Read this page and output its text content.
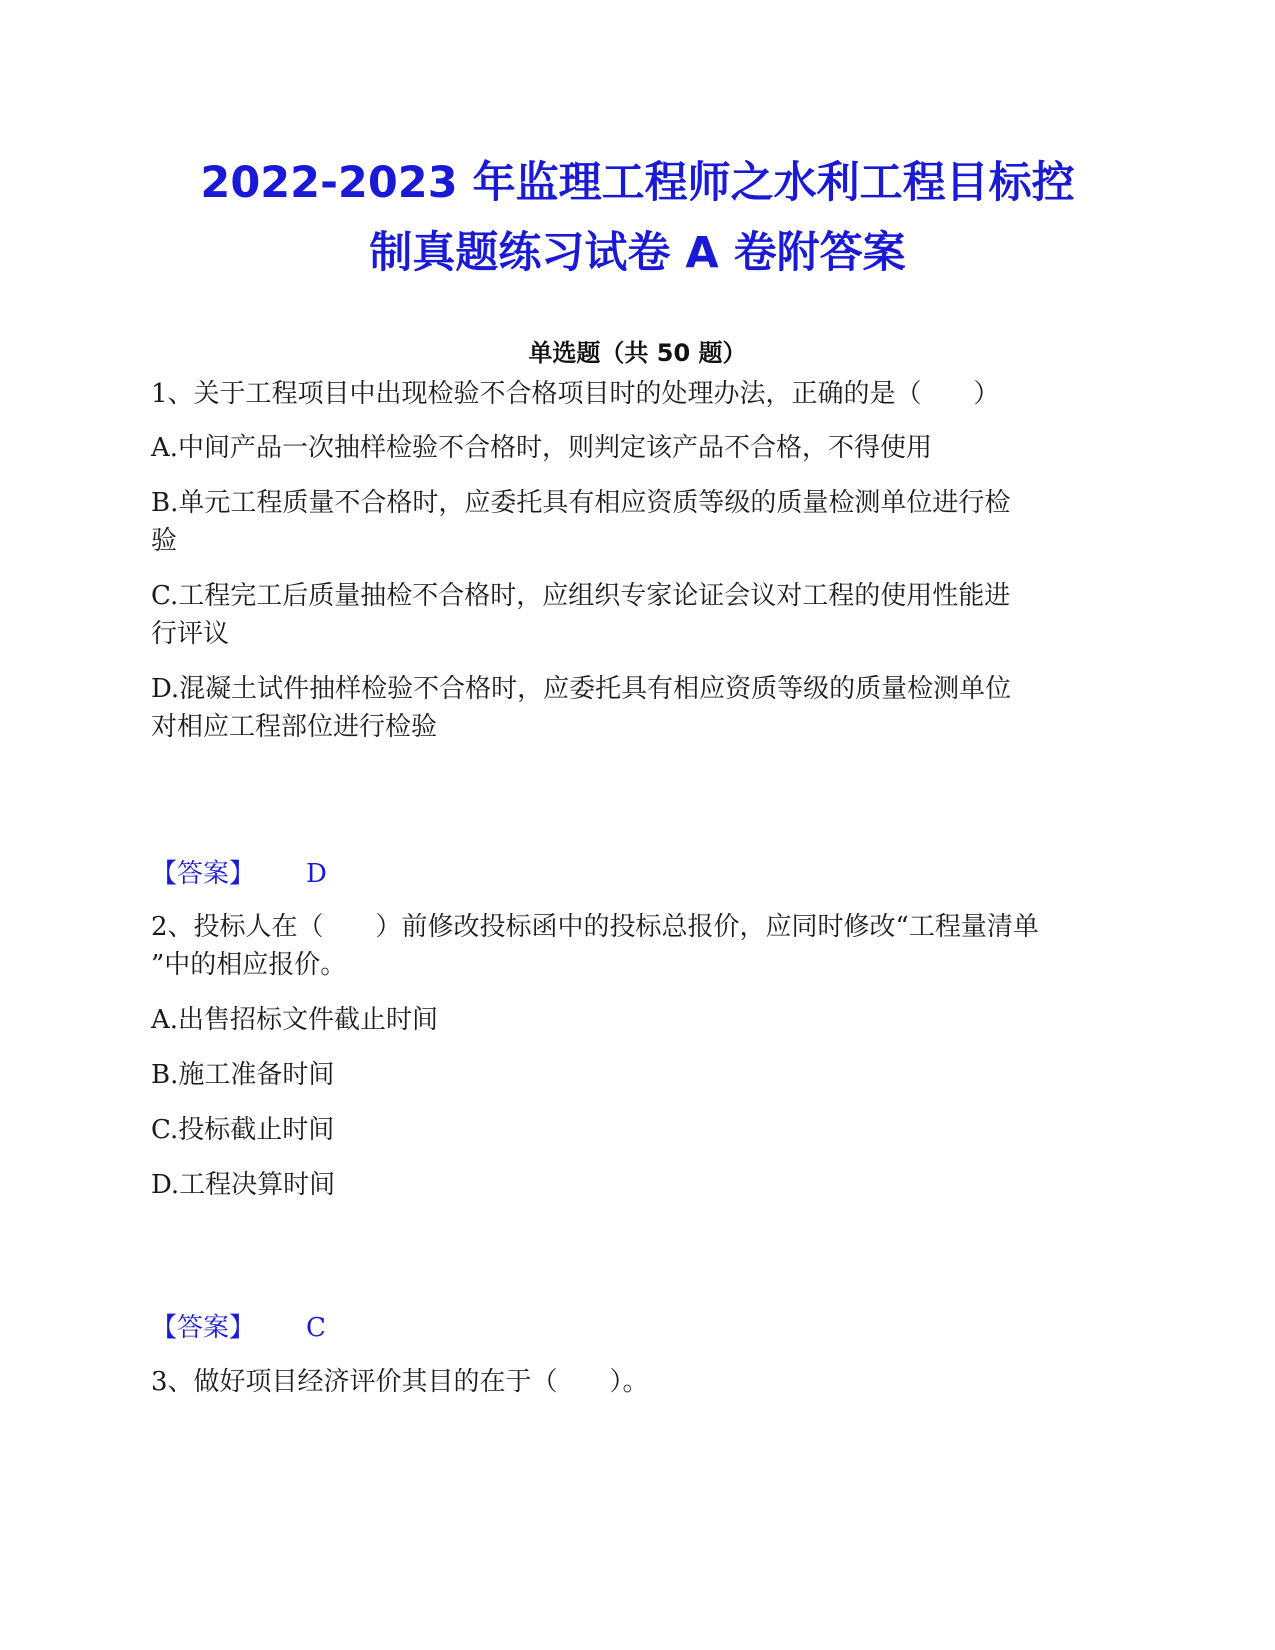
2022-2023 年监理工程师之水利工程目标控
制真题练习试卷 A 卷附答案
单选题（共 50 题）
1、关于工程项目中出现检验不合格项目时的处理办法，正确的是（　　）
A.中间产品一次抽样检验不合格时，则判定该产品不合格，不得使用
B.单元工程质量不合格时，应委托具有相应资质等级的质量检测单位进行检
验
C.工程完工后质量抽检不合格时，应组织专家论证会议对工程的使用性能进
行评议
D.混凝土试件抽样检验不合格时，应委托具有相应资质等级的质量检测单位
对相应工程部位进行检验
【答案】 D
2、投标人在（　　）前修改投标函中的投标总报价，应同时修改“工程量清单
”中的相应报价。
A.出售招标文件截止时间
B.施工准备时间
C.投标截止时间
D.工程决算时间
【答案】 C
3、做好项目经济评价其目的在于（　　）。
